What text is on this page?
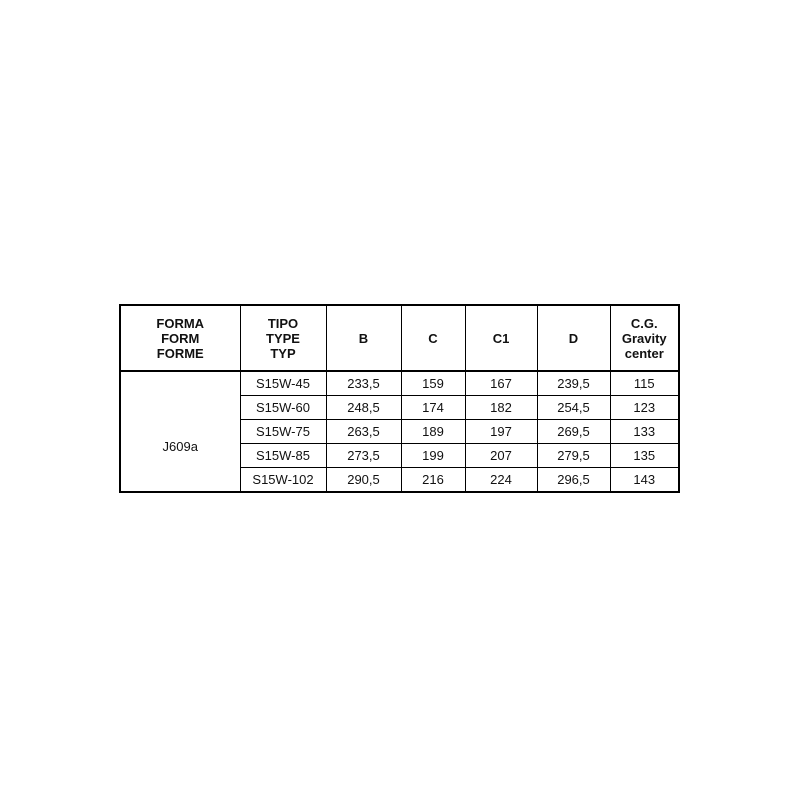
FORMA
FORM
FORME	TIPO
TYPE
TYP	B	C	C1	D	C.G.
Gravity
center

J609a	S15W-45	233,5	159	167	239,5	115
	S15W-60	248,5	174	182	254,5	123
	S15W-75	263,5	189	197	269,5	133
	S15W-85	273,5	199	207	279,5	135
	S15W-102	290,5	216	224	296,5	143
